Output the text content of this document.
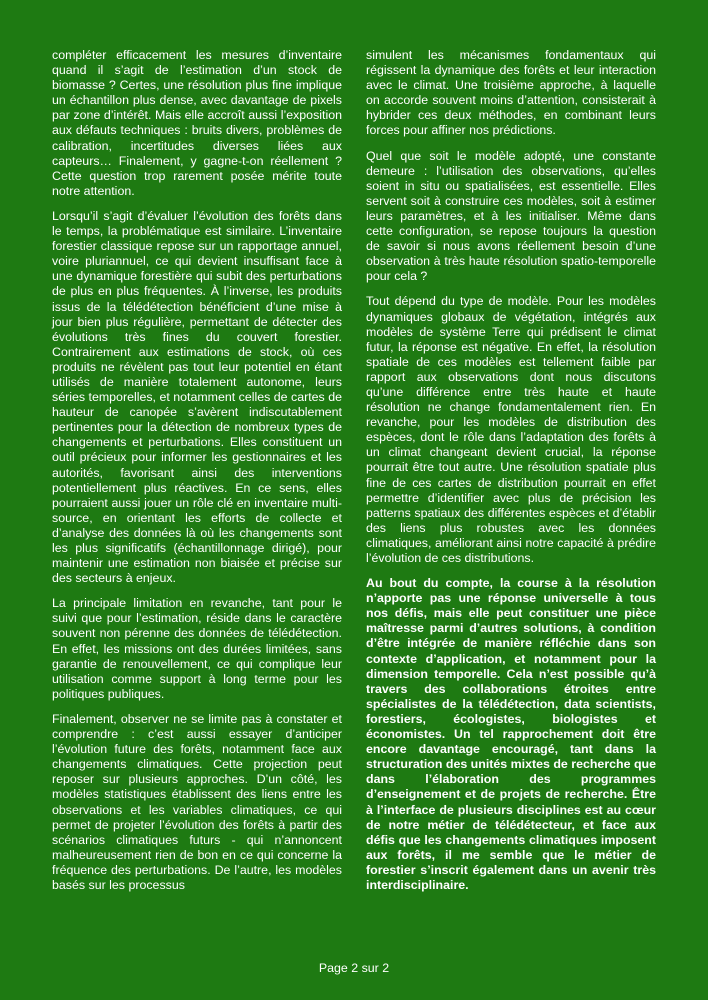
compléter efficacement les mesures d’inventaire quand il s’agit de l’estimation d’un stock de biomasse ? Certes, une résolution plus fine implique un échantillon plus dense, avec davantage de pixels par zone d’intérêt. Mais elle accroît aussi l’exposition aux défauts techniques : bruits divers, problèmes de calibration, incertitudes diverses liées aux capteurs… Finalement, y gagne-t-on réellement ? Cette question trop rarement posée mérite toute notre attention.

Lorsqu’il s’agit d’évaluer l’évolution des forêts dans le temps, la problématique est similaire. L’inventaire forestier classique repose sur un rapportage annuel, voire pluriannuel, ce qui devient insuffisant face à une dynamique forestière qui subit des perturbations de plus en plus fréquentes. À l’inverse, les produits issus de la télédétection bénéficient d’une mise à jour bien plus régulière, permettant de détecter des évolutions très fines du couvert forestier. Contrairement aux estimations de stock, où ces produits ne révèlent pas tout leur potentiel en étant utilisés de manière totalement autonome, leurs séries temporelles, et notamment celles de cartes de hauteur de canopée s’avèrent indiscutablement pertinentes pour la détection de nombreux types de changements et perturbations. Elles constituent un outil précieux pour informer les gestionnaires et les autorités, favorisant ainsi des interventions potentiellement plus réactives. En ce sens, elles pourraient aussi jouer un rôle clé en inventaire multi-source, en orientant les efforts de collecte et d’analyse des données là où les changements sont les plus significatifs (échantillonnage dirigé), pour maintenir une estimation non biaisée et précise sur des secteurs à enjeux.

La principale limitation en revanche, tant pour le suivi que pour l’estimation, réside dans le caractère souvent non pérenne des données de télédétection. En effet, les missions ont des durées limitées, sans garantie de renouvellement, ce qui complique leur utilisation comme support à long terme pour les politiques publiques.

Finalement, observer ne se limite pas à constater et comprendre : c’est aussi essayer d’anticiper l’évolution future des forêts, notamment face aux changements climatiques. Cette projection peut reposer sur plusieurs approches. D’un côté, les modèles statistiques établissent des liens entre les observations et les variables climatiques, ce qui permet de projeter l’évolution des forêts à partir des scénarios climatiques futurs - qui n’annoncent malheureusement rien de bon en ce qui concerne la fréquence des perturbations. De l’autre, les modèles basés sur les processus

simulent les mécanismes fondamentaux qui régissent la dynamique des forêts et leur interaction avec le climat. Une troisième approche, à laquelle on accorde souvent moins d’attention, consisterait à hybrider ces deux méthodes, en combinant leurs forces pour affiner nos prédictions.

Quel que soit le modèle adopté, une constante demeure : l’utilisation des observations, qu’elles soient in situ ou spatialisées, est essentielle. Elles servent soit à construire ces modèles, soit à estimer leurs paramètres, et à les initialiser. Même dans cette configuration, se repose toujours la question de savoir si nous avons réellement besoin d’une observation à très haute résolution spatio-temporelle pour cela ?

Tout dépend du type de modèle. Pour les modèles dynamiques globaux de végétation, intégrés aux modèles de système Terre qui prédisent le climat futur, la réponse est négative. En effet, la résolution spatiale de ces modèles est tellement faible par rapport aux observations dont nous discutons qu’une différence entre très haute et haute résolution ne change fondamentalement rien. En revanche, pour les modèles de distribution des espèces, dont le rôle dans l’adaptation des forêts à un climat changeant devient crucial, la réponse pourrait être tout autre. Une résolution spatiale plus fine de ces cartes de distribution pourrait en effet permettre d’identifier avec plus de précision les patterns spatiaux des différentes espèces et d’établir des liens plus robustes avec les données climatiques, améliorant ainsi notre capacité à prédire l’évolution de ces distributions.

Au bout du compte, la course à la résolution n’apporte pas une réponse universelle à tous nos défis, mais elle peut constituer une pièce maîtresse parmi d’autres solutions, à condition d’être intégrée de manière réfléchie dans son contexte d’application, et notamment pour la dimension temporelle. Cela n’est possible qu’à travers des collaborations étroites entre spécialistes de la télédétection, data scientists, forestiers, écologistes, biologistes et économistes. Un tel rapprochement doit être encore davantage encouragé, tant dans la structuration des unités mixtes de recherche que dans l’élaboration des programmes d’enseignement et de projets de recherche. Être à l’interface de plusieurs disciplines est au cœur de notre métier de télédétecteur, et face aux défis que les changements climatiques imposent aux forêts, il me semble que le métier de forestier s’inscrit également dans un avenir très interdisciplinaire.

Page 2 sur 2
